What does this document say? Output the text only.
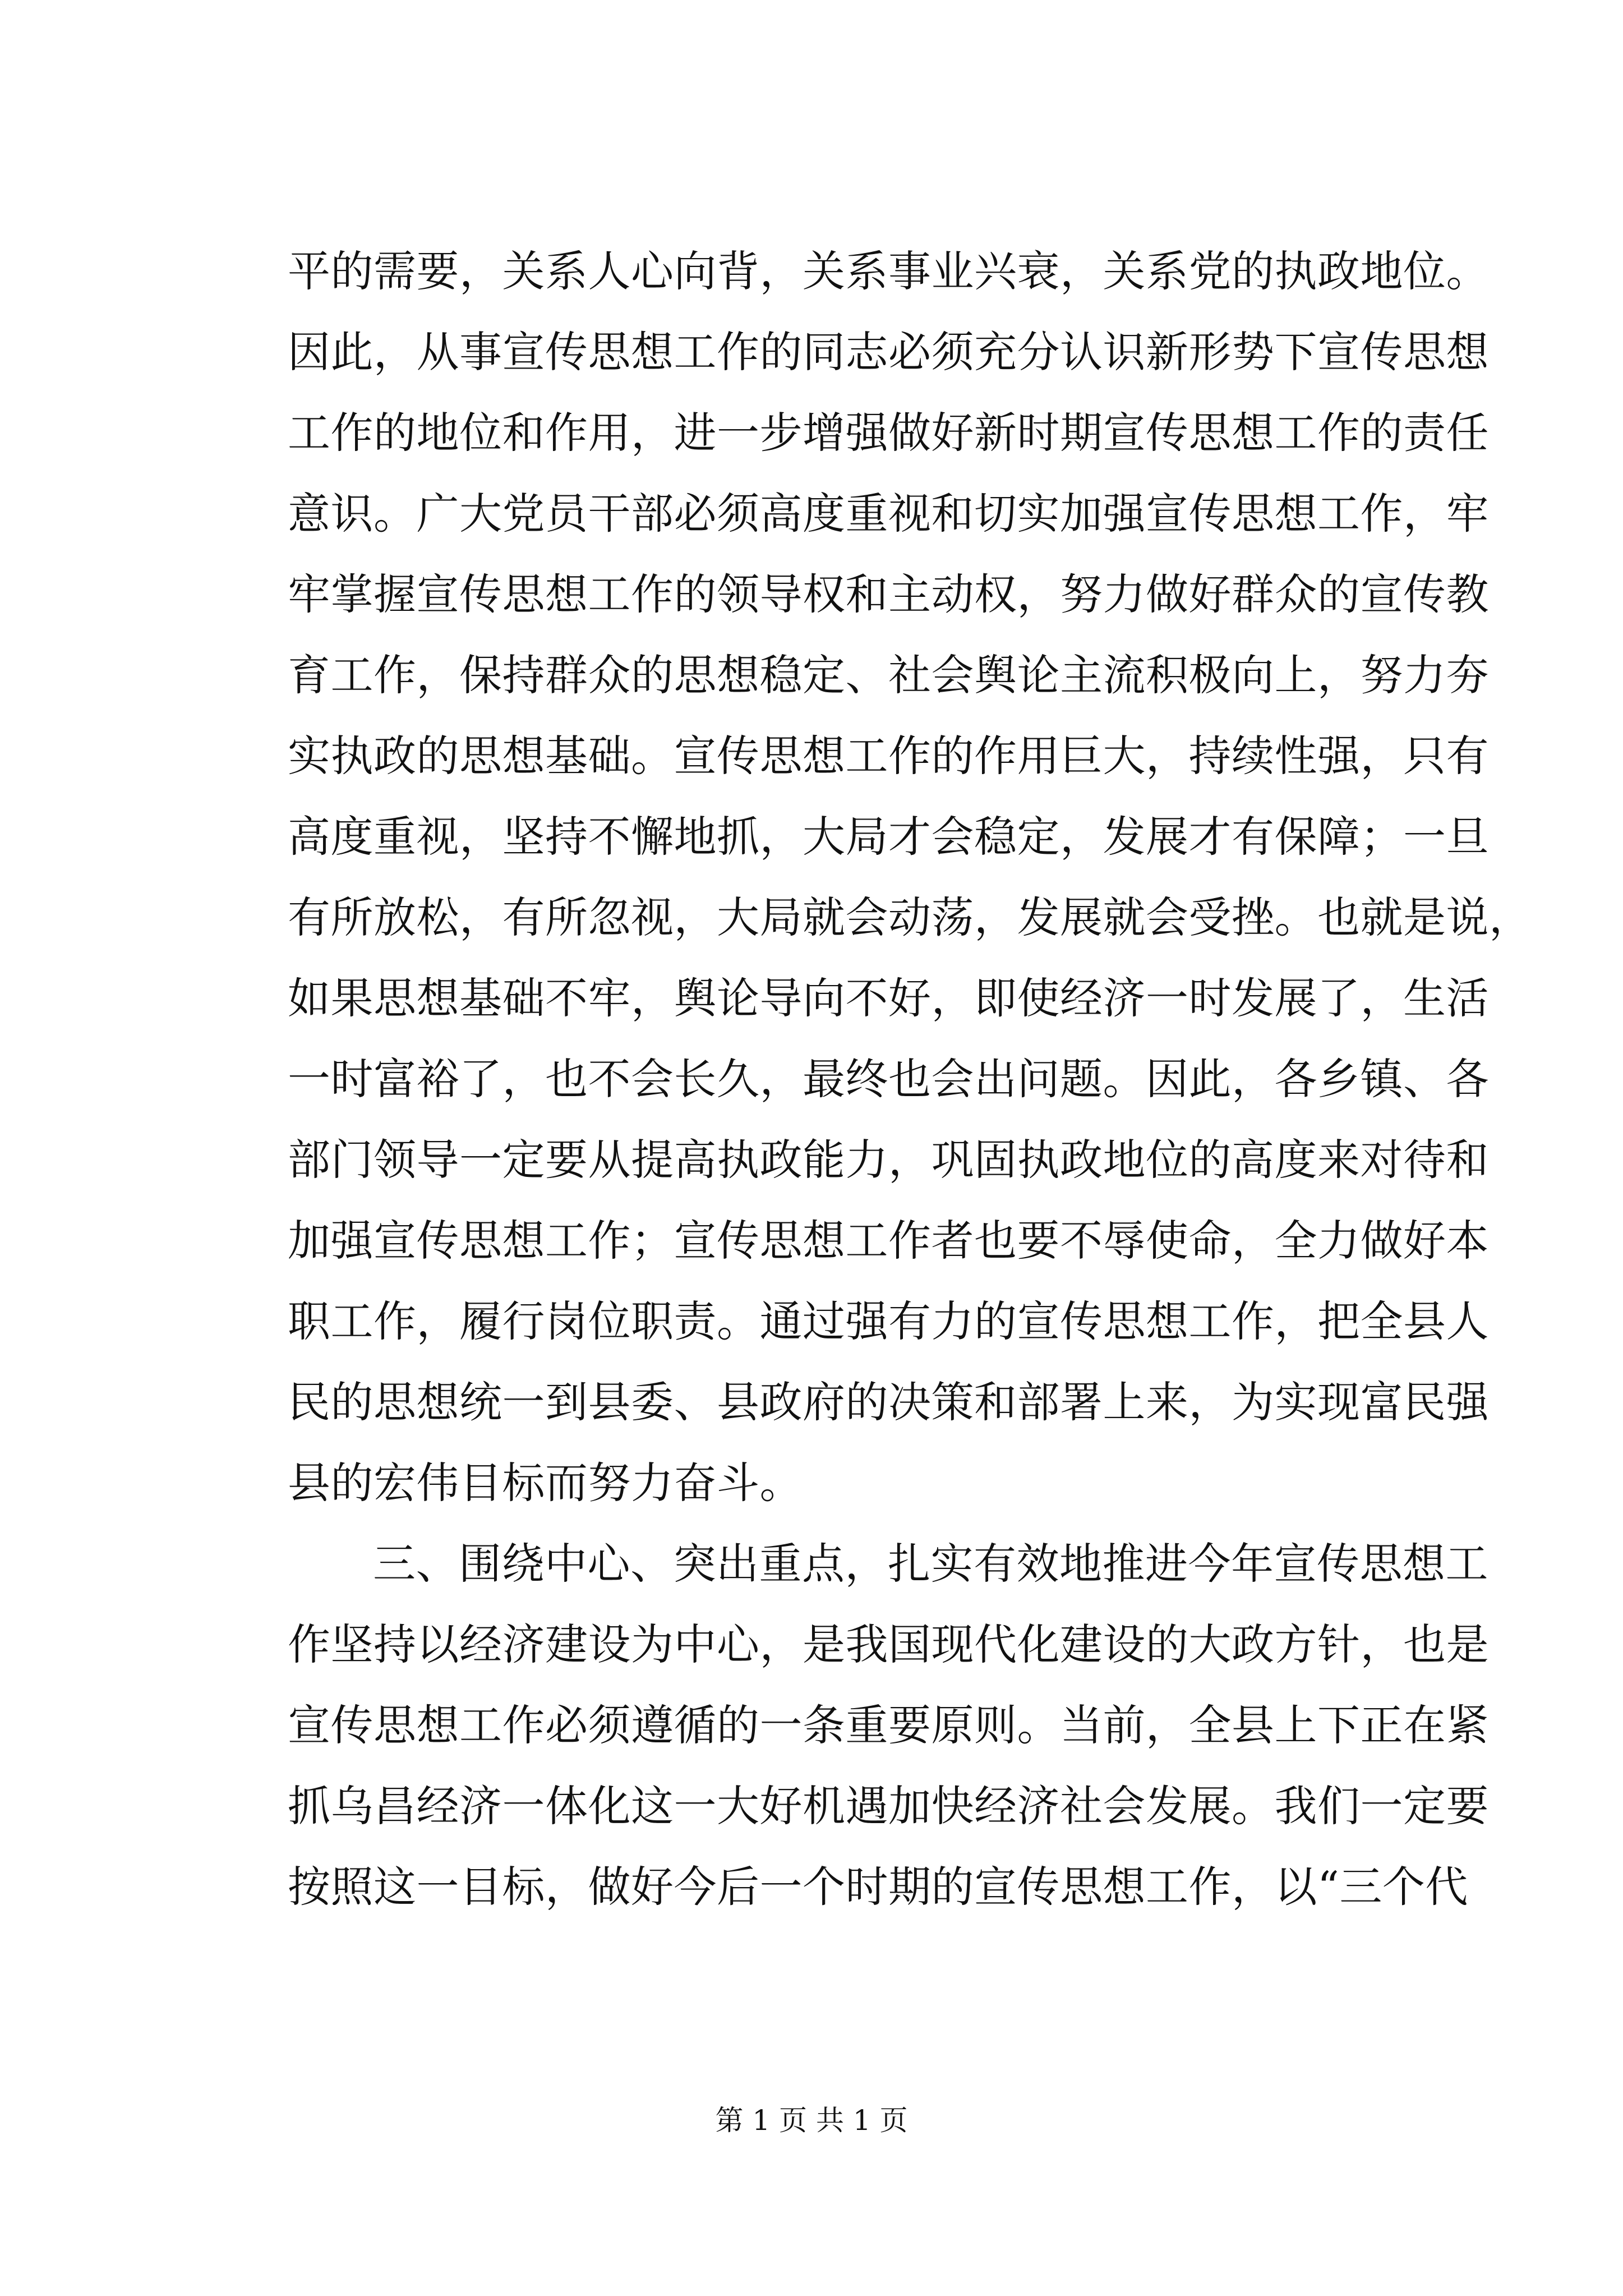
平的需要，关系人心向背，关系事业兴衰，关系党的执政地位。
因此，从事宣传思想工作的同志必须充分认识新形势下宣传思想
工作的地位和作用，进一步增强做好新时期宣传思想工作的责任
意识。广大党员干部必须高度重视和切实加强宣传思想工作，牢
牢掌握宣传思想工作的领导权和主动权，努力做好群众的宣传教
育工作，保持群众的思想稳定、社会舆论主流积极向上，努力夯
实执政的思想基础。宣传思想工作的作用巨大，持续性强，只有
高度重视，坚持不懈地抓，大局才会稳定，发展才有保障；一旦
有所放松，有所忽视，大局就会动荡，发展就会受挫。也就是说，
如果思想基础不牢，舆论导向不好，即使经济一时发展了，生活
一时富裕了，也不会长久，最终也会出问题。因此，各乡镇、各
部门领导一定要从提高执政能力，巩固执政地位的高度来对待和
加强宣传思想工作；宣传思想工作者也要不辱使命，全力做好本
职工作，履行岗位职责。通过强有力的宣传思想工作，把全县人
民的思想统一到县委、县政府的决策和部署上来，为实现富民强
县的宏伟目标而努力奋斗。
三、围绕中心、突出重点，扎实有效地推进今年宣传思想工
作坚持以经济建设为中心，是我国现代化建设的大政方针，也是
宣传思想工作必须遵循的一条重要原则。当前，全县上下正在紧
抓乌昌经济一体化这一大好机遇加快经济社会发展。我们一定要
按照这一目标，做好今后一个时期的宣传思想工作，以“三个代
第 1 页 共 1 页
